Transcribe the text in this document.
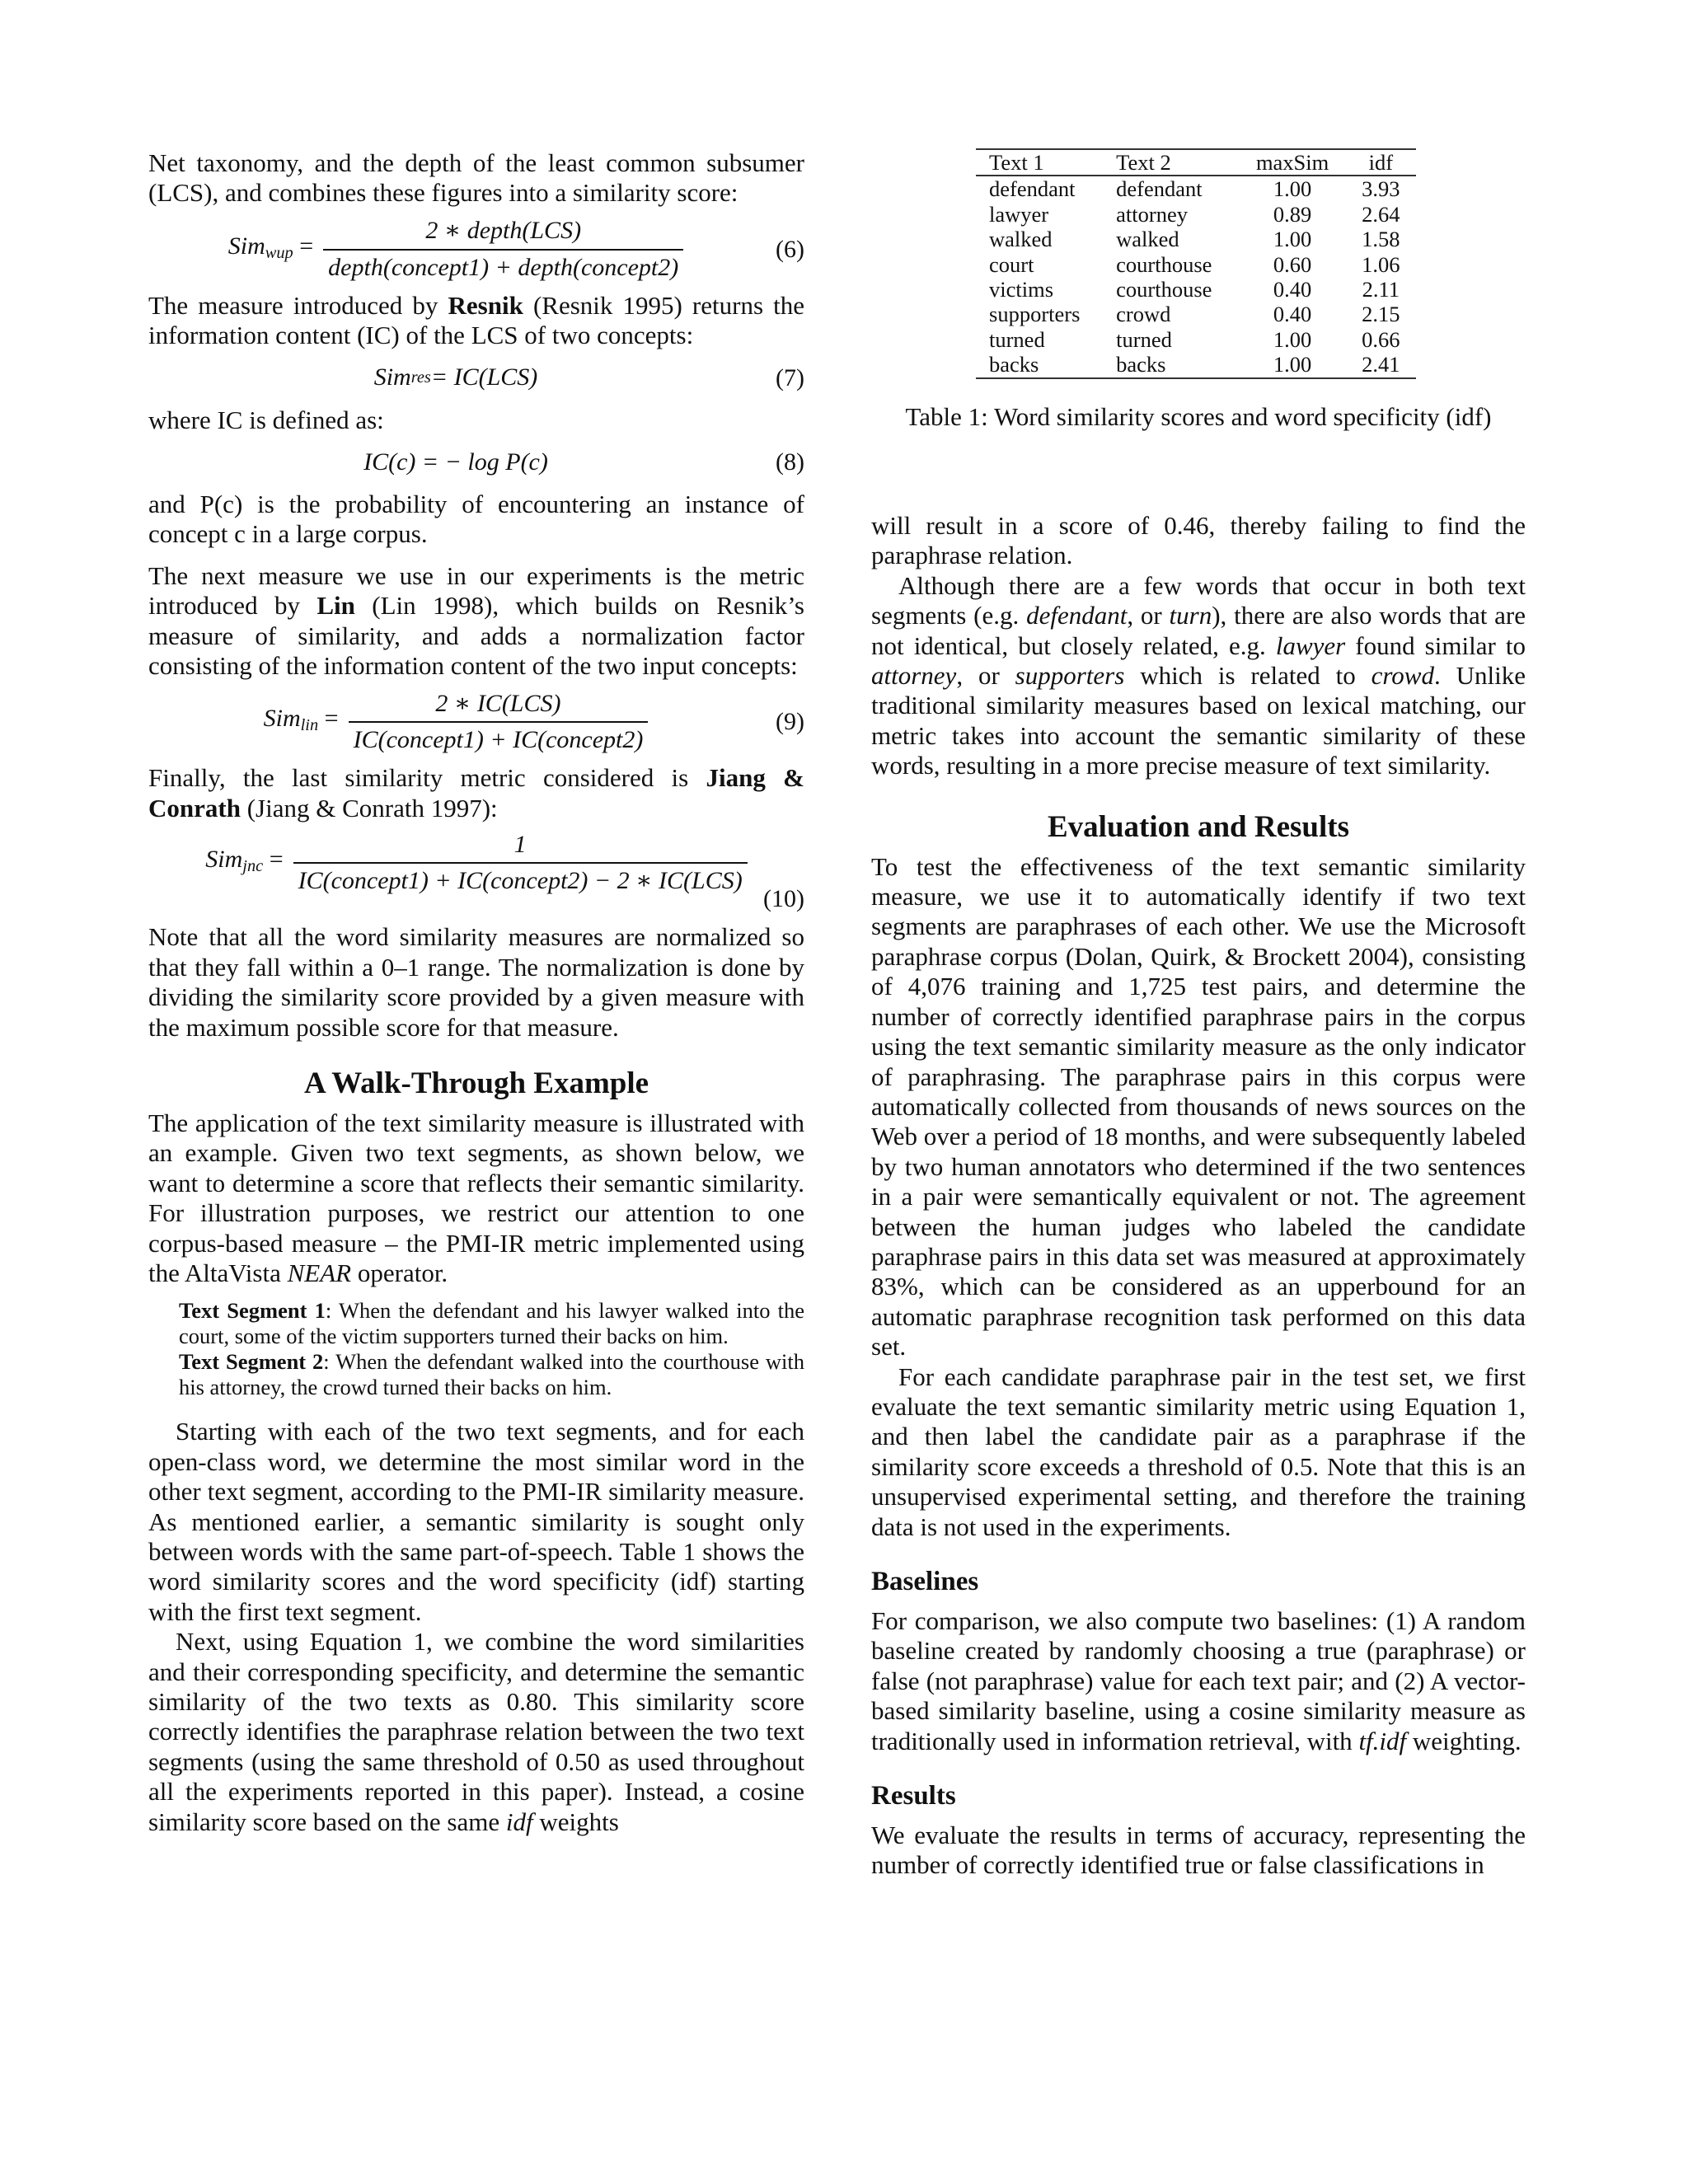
Net taxonomy, and the depth of the least common subsumer (LCS), and combines these figures into a similarity score:

$Sim_{wup} = \frac{\text{2 ∗ depth(LCS)}}{\text{depth(concept1) + depth(concept2)}}$	(6)

The measure introduced by Resnik (Resnik 1995) returns the information content (IC) of the LCS of two concepts:

Sim res = IC(LCS)	(7)

where IC is defined as:

IC(c) = − log P(c)	(8)

and P(c) is the probability of encountering an instance of concept c in a large corpus.

The next measure we use in our experiments is the metric introduced by Lin (Lin 1998), which builds on Resnik’s measure of similarity, and adds a normalization factor consisting of the information content of the two input concepts:

$Sim_{lin} = \frac{\text{2 ∗ IC(LCS)}}{\text{IC(concept1) + IC(concept2)}}$	(9)

Finally, the last similarity metric considered is Jiang & Conrath (Jiang & Conrath 1997):

$Sim_{jnc} = \frac{1}{\text{IC(concept1) + IC(concept2) − 2 ∗ IC(LCS)}}$
(10)

Note that all the word similarity measures are normalized so that they fall within a 0–1 range. The normalization is done by dividing the similarity score provided by a given measure with the maximum possible score for that measure.

A Walk-Through Example

The application of the text similarity measure is illustrated with an example. Given two text segments, as shown below, we want to determine a score that reflects their semantic similarity. For illustration purposes, we restrict our attention to one corpus-based measure – the PMI-IR metric implemented using the AltaVista NEAR operator.

Text Segment 1: When the defendant and his lawyer walked into the court, some of the victim supporters turned their backs on him.

Text Segment 2: When the defendant walked into the courthouse with his attorney, the crowd turned their backs on him.

Starting with each of the two text segments, and for each open-class word, we determine the most similar word in the other text segment, according to the PMI-IR similarity measure. As mentioned earlier, a semantic similarity is sought only between words with the same part-of-speech. Table 1 shows the word similarity scores and the word specificity (idf) starting with the first text segment.

Next, using Equation 1, we combine the word similarities and their corresponding specificity, and determine the semantic similarity of the two texts as 0.80. This similarity score correctly identifies the paraphrase relation between the two text segments (using the same threshold of 0.50 as used throughout all the experiments reported in this paper). Instead, a cosine similarity score based on the same idf weights

Text 1	Text 2	maxSim	idf
defendant	defendant	1.00	3.93
lawyer	attorney	0.89	2.64
walked	walked	1.00	1.58
court	courthouse	0.60	1.06
victims	courthouse	0.40	2.11
supporters	crowd	0.40	2.15
turned	turned	1.00	0.66
backs	backs	1.00	2.41
Table 1: Word similarity scores and word specificity (idf)

will result in a score of 0.46, thereby failing to find the paraphrase relation.

Although there are a few words that occur in both text segments (e.g. defendant, or turn), there are also words that are not identical, but closely related, e.g. lawyer found similar to attorney, or supporters which is related to crowd. Unlike traditional similarity measures based on lexical matching, our metric takes into account the semantic similarity of these words, resulting in a more precise measure of text similarity.

Evaluation and Results

To test the effectiveness of the text semantic similarity measure, we use it to automatically identify if two text segments are paraphrases of each other. We use the Microsoft paraphrase corpus (Dolan, Quirk, & Brockett 2004), consisting of 4,076 training and 1,725 test pairs, and determine the number of correctly identified paraphrase pairs in the corpus using the text semantic similarity measure as the only indicator of paraphrasing. The paraphrase pairs in this corpus were automatically collected from thousands of news sources on the Web over a period of 18 months, and were subsequently labeled by two human annotators who determined if the two sentences in a pair were semantically equivalent or not. The agreement between the human judges who labeled the candidate paraphrase pairs in this data set was measured at approximately 83%, which can be considered as an upperbound for an automatic paraphrase recognition task performed on this data set.

For each candidate paraphrase pair in the test set, we first evaluate the text semantic similarity metric using Equation 1, and then label the candidate pair as a paraphrase if the similarity score exceeds a threshold of 0.5. Note that this is an unsupervised experimental setting, and therefore the training data is not used in the experiments.

Baselines

For comparison, we also compute two baselines: (1) A random baseline created by randomly choosing a true (paraphrase) or false (not paraphrase) value for each text pair; and (2) A vector-based similarity baseline, using a cosine similarity measure as traditionally used in information retrieval, with tf.idf weighting.

Results

We evaluate the results in terms of accuracy, representing the number of correctly identified true or false classifications in
